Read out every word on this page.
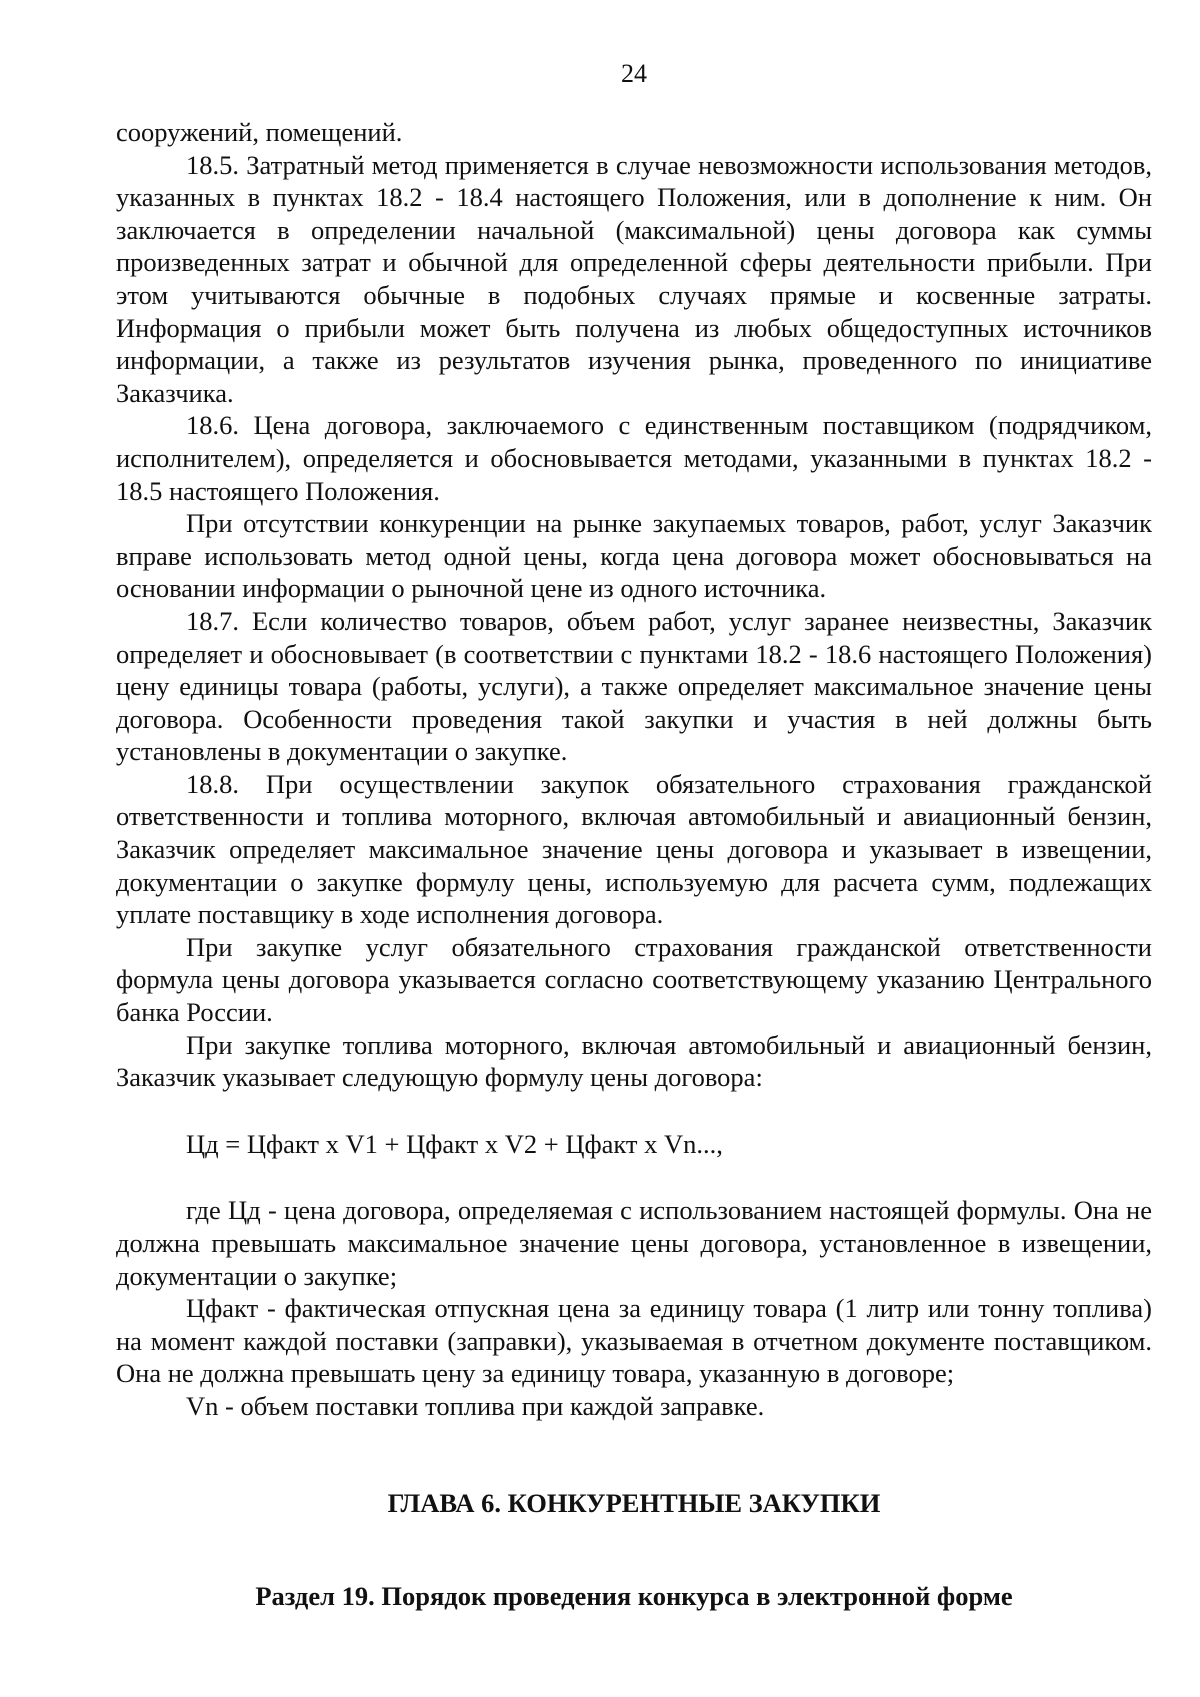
24

сооружений, помещений.

18.5. Затратный метод применяется в случае невозможности использования методов, указанных в пунктах 18.2 - 18.4 настоящего Положения, или в дополнение к ним. Он заключается в определении начальной (максимальной) цены договора как суммы произведенных затрат и обычной для определенной сферы деятельности прибыли. При этом учитываются обычные в подобных случаях прямые и косвенные затраты. Информация о прибыли может быть получена из любых общедоступных источников информации, а также из результатов изучения рынка, проведенного по инициативе Заказчика.

18.6. Цена договора, заключаемого с единственным поставщиком (подрядчиком, исполнителем), определяется и обосновывается методами, указанными в пунктах 18.2 - 18.5 настоящего Положения.

При отсутствии конкуренции на рынке закупаемых товаров, работ, услуг Заказчик вправе использовать метод одной цены, когда цена договора может обосновываться на основании информации о рыночной цене из одного источника.

18.7. Если количество товаров, объем работ, услуг заранее неизвестны, Заказчик определяет и обосновывает (в соответствии с пунктами 18.2 - 18.6 настоящего Положения) цену единицы товара (работы, услуги), а также определяет максимальное значение цены договора. Особенности проведения такой закупки и участия в ней должны быть установлены в документации о закупке.

18.8. При осуществлении закупок обязательного страхования гражданской ответственности и топлива моторного, включая автомобильный и авиационный бензин, Заказчик определяет максимальное значение цены договора и указывает в извещении, документации о закупке формулу цены, используемую для расчета сумм, подлежащих уплате поставщику в ходе исполнения договора.

При закупке услуг обязательного страхования гражданской ответственности формула цены договора указывается согласно соответствующему указанию Центрального банка России.

При закупке топлива моторного, включая автомобильный и авиационный бензин, Заказчик указывает следующую формулу цены договора:

Цд = Цфакт х V1 + Цфакт х V2 + Цфакт х Vn...,

где Цд - цена договора, определяемая с использованием настоящей формулы. Она не должна превышать максимальное значение цены договора, установленное в извещении, документации о закупке;

Цфакт - фактическая отпускная цена за единицу товара (1 литр или тонну топлива) на момент каждой поставки (заправки), указываемая в отчетном документе поставщиком. Она не должна превышать цену за единицу товара, указанную в договоре;

Vn - объем поставки топлива при каждой заправке.

ГЛАВА 6. КОНКУРЕНТНЫЕ ЗАКУПКИ
Раздел 19. Порядок проведения конкурса в электронной форме
